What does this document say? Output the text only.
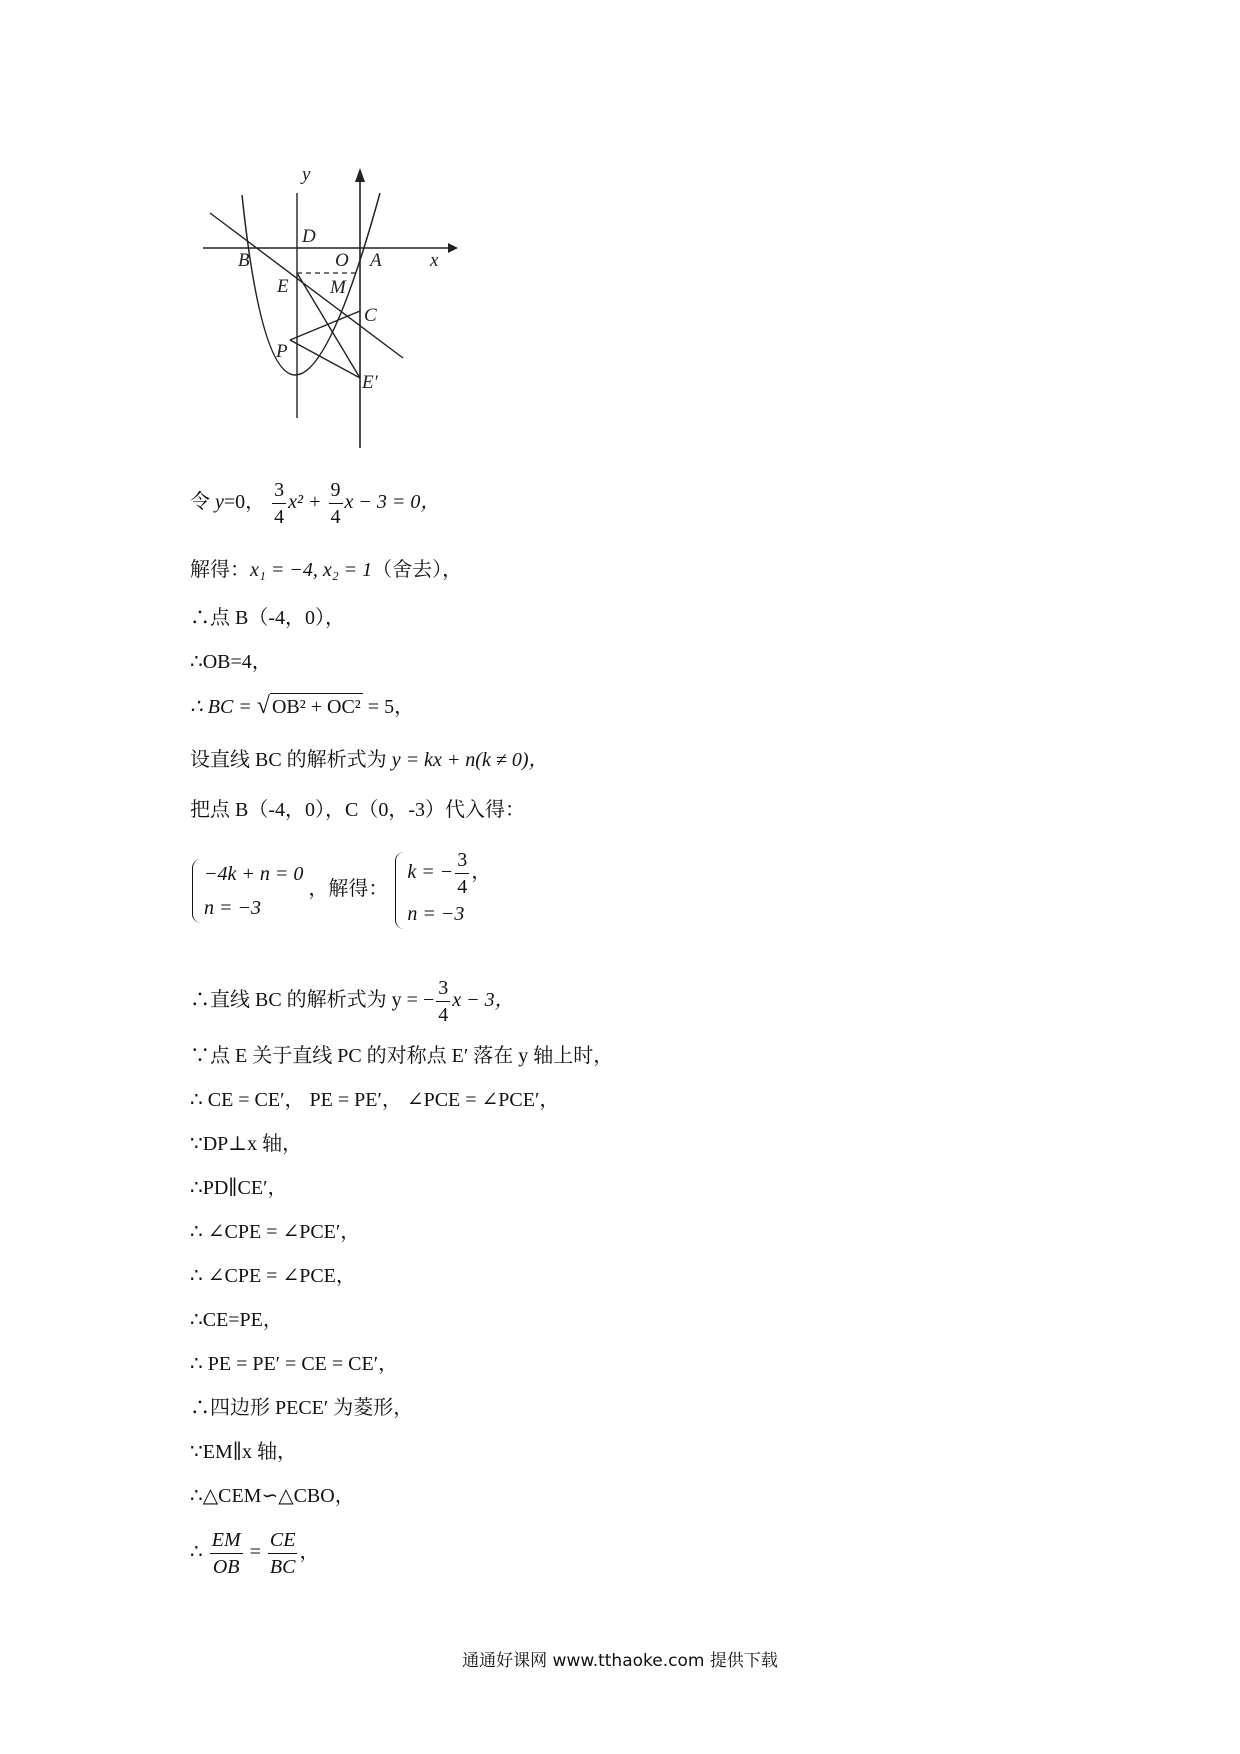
y
x
D
O A
B
E M
C
P
E′
令 y=0， $\frac{3}{4} x^2 + \frac{9}{4}$ x − 3 = 0，
解得：x₁ = −4, x₂ = 1（舍去），
∴点 B（-4，0），
∴OB=4，
∴ BC = √ OB² + OC² = 5，
设直线 BC 的解析式为 y = kx + n(k ≠ 0)，
把点 B（-4，0），C（0，-3）代入得：
−4k + n = 0
n = −3
，解得：
k = − $\frac{3}{4}$ ，
n = −3
∴直线 BC 的解析式为 y = − $\frac{3}{4}$ x − 3，
∵点 E 关于直线 PC 的对称点 E′ 落在 y 轴上时，
∴ CE = CE′， PE = PE′， ∠PCE = ∠PCE′，
∵DP⊥x 轴，
∴PD∥CE′，
∴ ∠CPE = ∠PCE′，
∴ ∠CPE = ∠PCE，
∴CE=PE，
∴ PE = PE′ = CE = CE′，
∴四边形 PECE′ 为菱形，
∵EM∥x 轴，
∴△CEM∽△CBO，
∴ $\frac{EM}{OB} = \frac{CE}{BC}$ ，
通通好课网 www.tthaoke.com 提供下载
